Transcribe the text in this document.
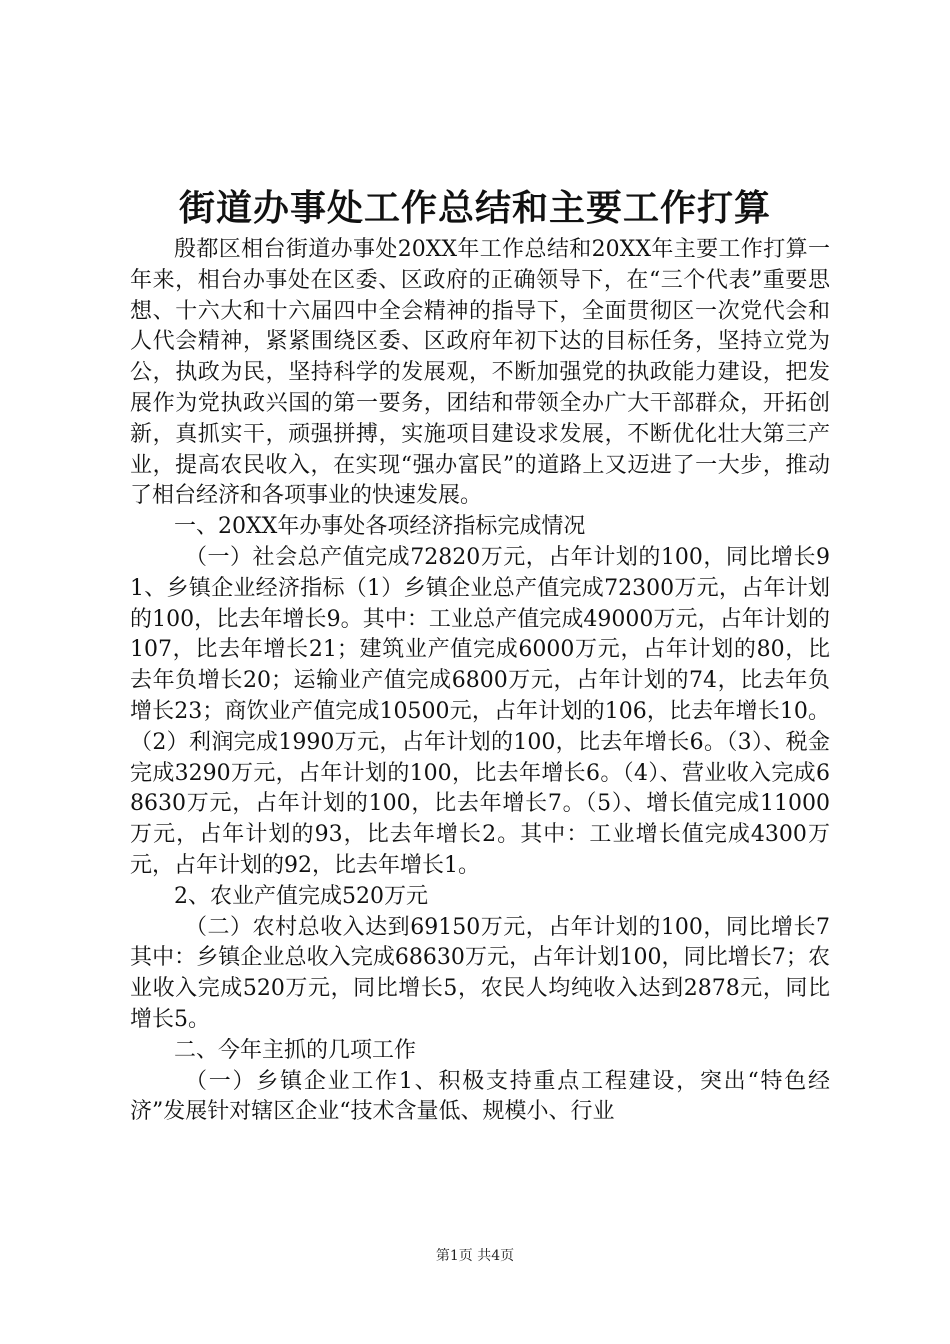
街道办事处工作总结和主要工作打算

殷都区相台街道办事处20XX年工作总结和20XX年主要工作打算一年来，相台办事处在区委、区政府的正确领导下，在“三个代表”重要思想、十六大和十六届四中全会精神的指导下，全面贯彻区一次党代会和人代会精神，紧紧围绕区委、区政府年初下达的目标任务，坚持立党为公，执政为民，坚持科学的发展观，不断加强党的执政能力建设，把发展作为党执政兴国的第一要务，团结和带领全办广大干部群众，开拓创新，真抓实干，顽强拼搏，实施项目建设求发展，不断优化壮大第三产业，提高农民收入，在实现“强办富民”的道路上又迈进了一大步，推动了相台经济和各项事业的快速发展。

一、20XX年办事处各项经济指标完成情况

（一）社会总产值完成72820万元，占年计划的100，同比增长91、乡镇企业经济指标（1）乡镇企业总产值完成72300万元，占年计划的100，比去年增长9。其中：工业总产值完成49000万元，占年计划的107，比去年增长21；建筑业产值完成6000万元，占年计划的80，比去年负增长20；运输业产值完成6800万元，占年计划的74，比去年负增长23；商饮业产值完成10500元，占年计划的106，比去年增长10。（2）利润完成1990万元，占年计划的100，比去年增长6。（3）、税金完成3290万元，占年计划的100，比去年增长6。（4）、营业收入完成68630万元，占年计划的100，比去年增长7。（5）、增长值完成11000万元，占年计划的93，比去年增长2。其中：工业增长值完成4300万元，占年计划的92，比去年增长1。

2、农业产值完成520万元

（二）农村总收入达到69150万元，占年计划的100，同比增长7其中：乡镇企业总收入完成68630万元，占年计划100，同比增长7；农业收入完成520万元，同比增长5，农民人均纯收入达到2878元，同比增长5。

二、今年主抓的几项工作

（一）乡镇企业工作1、积极支持重点工程建设，突出“特色经济”发展针对辖区企业“技术含量低、规模小、行业

第1页 共4页
